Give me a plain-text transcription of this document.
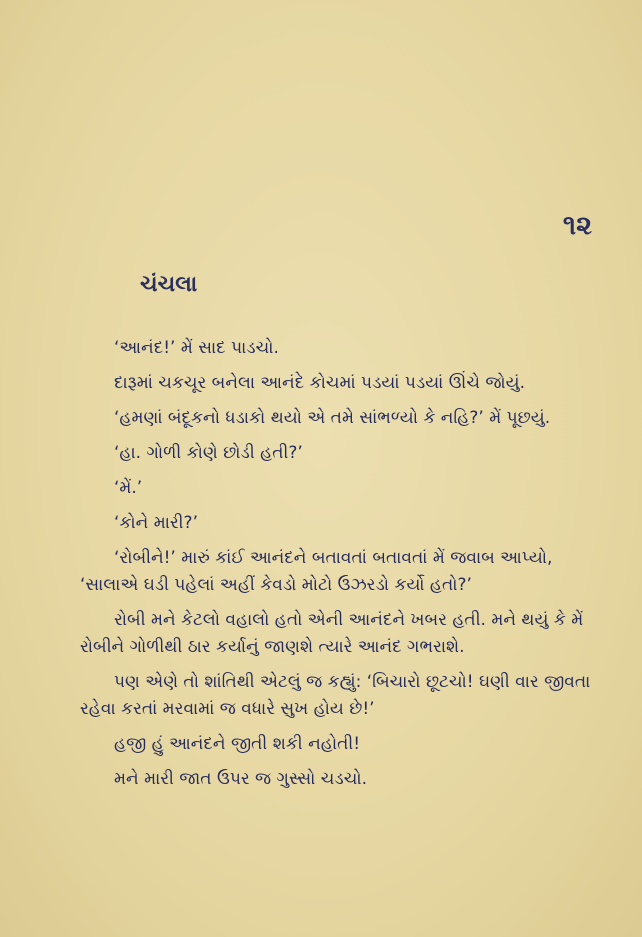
૧૨
ચંચલા

‘આનંદ!’ મેં સાદ પાડચો.

દારૂમાં ચકચૂર બનેલા આનંદે કોચમાં પડયાં પડયાં ઊંચે જોયું.

‘હમણાં બંદૂકનો ધડાકો થયો એ તમે સાંભળ્યો કે નહિ?’ મેં પૂછયું.

‘હા. ગોળી કોણે છોડી હતી?’

‘મેં.’

‘કોને મારી?’

‘રોબીને!’ મારું કાંઈ આનંદને બતાવતાં બતાવતાં મેં જવાબ આપ્યો, ‘સાલાએ ઘડી પહેલાં અહીં કેવડો મોટો ઉઝરડો કર્યો હતો?’

રોબી મને કેટલો વહાલો હતો એની આનંદને ખબર હતી. મને થયું કે મેં રોબીને ગોળીથી ઠાર કર્યાનું જાણશે ત્યારે આનંદ ગભરાશે.

પણ એણે તો શાંતિથી એટલું જ કહ્યું: ‘બિચારો છૂટચો! ઘણી વાર જીવતા રહેવા કરતાં મરવામાં જ વધારે સુખ હોય છે!’

હજી હું આનંદને જીતી શકી નહોતી!

મને મારી જાત ઉપર જ ગુસ્સો ચડચો.
